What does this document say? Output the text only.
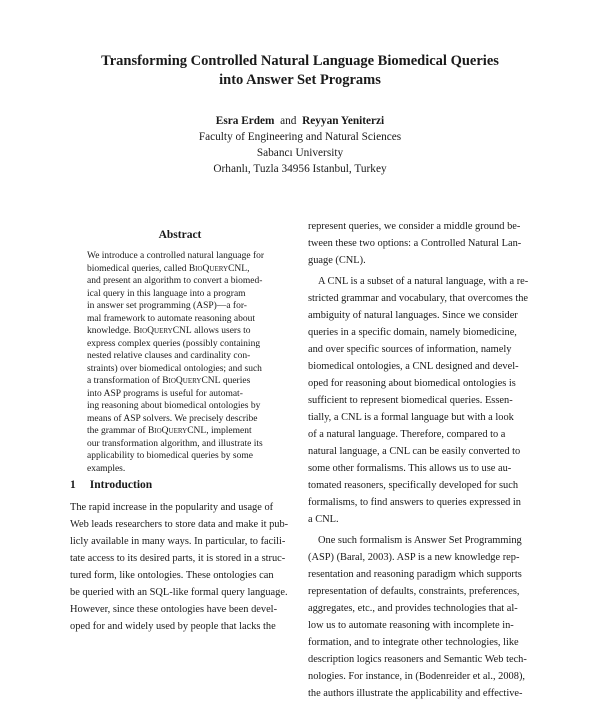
Transforming Controlled Natural Language Biomedical Queries
into Answer Set Programs
Esra Erdem and Reyyan Yeniterzi
Faculty of Engineering and Natural Sciences
Sabancı University
Orhanlı, Tuzla 34956 Istanbul, Turkey
Abstract
We introduce a controlled natural language for
biomedical queries, called BioQueryCNL,
and present an algorithm to convert a biomed-
ical query in this language into a program
in answer set programming (ASP)—a for-
mal framework to automate reasoning about
knowledge. BioQueryCNL allows users to
express complex queries (possibly containing
nested relative clauses and cardinality con-
straints) over biomedical ontologies; and such
a transformation of BioQueryCNL queries
into ASP programs is useful for automat-
ing reasoning about biomedical ontologies by
means of ASP solvers. We precisely describe
the grammar of BioQueryCNL, implement
our transformation algorithm, and illustrate its
applicability to biomedical queries by some
examples.
1 Introduction
The rapid increase in the popularity and usage of
Web leads researchers to store data and make it pub-
licly available in many ways. In particular, to facili-
tate access to its desired parts, it is stored in a struc-
tured form, like ontologies. These ontologies can
be queried with an SQL-like formal query language.
However, since these ontologies have been devel-
oped for and widely used by people that lacks the
represent queries, we consider a middle ground be-
tween these two options: a Controlled Natural Lan-
guage (CNL).
A CNL is a subset of a natural language, with a re-
stricted grammar and vocabulary, that overcomes the
ambiguity of natural languages. Since we consider
queries in a specific domain, namely biomedicine,
and over specific sources of information, namely
biomedical ontologies, a CNL designed and devel-
oped for reasoning about biomedical ontologies is
sufficient to represent biomedical queries. Essen-
tially, a CNL is a formal language but with a look
of a natural language. Therefore, compared to a
natural language, a CNL can be easily converted to
some other formalisms. This allows us to use au-
tomated reasoners, specifically developed for such
formalisms, to find answers to queries expressed in
a CNL.
One such formalism is Answer Set Programming
(ASP) (Baral, 2003). ASP is a new knowledge rep-
resentation and reasoning paradigm which supports
representation of defaults, constraints, preferences,
aggregates, etc., and provides technologies that al-
low us to automate reasoning with incomplete in-
formation, and to integrate other technologies, like
description logics reasoners and Semantic Web tech-
nologies. For instance, in (Bodenreider et al., 2008),
the authors illustrate the applicability and effective-
